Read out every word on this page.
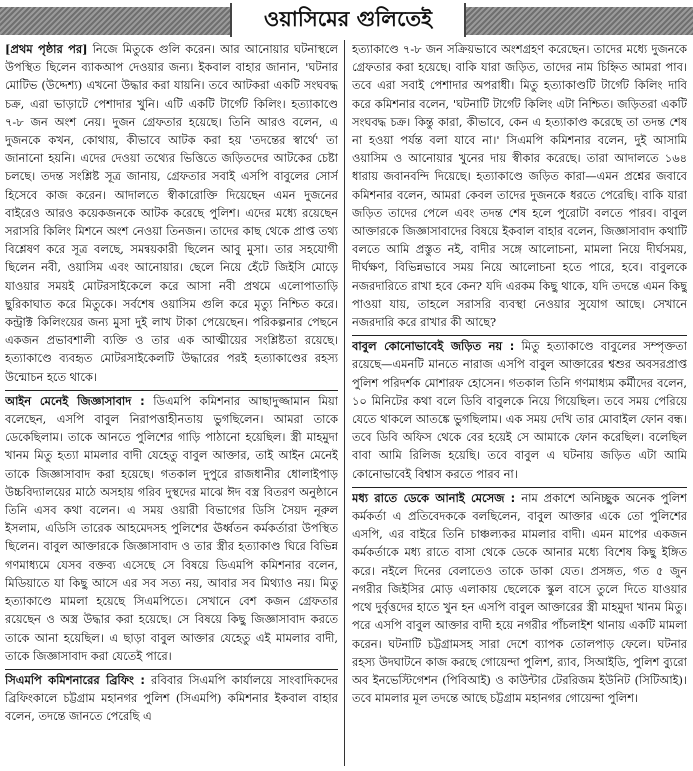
ওয়াসিমের গুলিতেই

[প্রথম পৃষ্ঠার পর] নিজে মিতুকে গুলি করেন। আর আনোয়ার ঘটনাস্থলে উপস্থিত ছিলেন ব্যাকআপ দেওয়ার জন্য। ইকবাল বাহার জানান, 'ঘটনার মোটিভ (উদ্দেশ্য) এখনো উদ্ধার করা যায়নি। তবে আটকরা একটি সংঘবদ্ধ চক্র, এরা ভাড়াটে পেশাদার খুনি। এটি একটি টার্গেট কিলিং। হত্যাকাণ্ডে ৭-৮ জন অংশ নেয়। দুজন গ্রেফতার হয়েছে। তিনি আরও বলেন, এ দুজনকে কখন, কোথায়, কীভাবে আটক করা হয় 'তদন্তের স্বার্থে' তা জানানো হয়নি। এদের দেওয়া তথ্যের ভিত্তিতে জড়িতদের আটকের চেষ্টা চলছে। তদন্ত সংশ্লিষ্ট সূত্র জানায়, গ্রেফতার সবাই এসপি বাবুলের সোর্স হিসেবে কাজ করেন। আদালতে স্বীকারোক্তি দিয়েছেন এমন দুজনের বাইরেও আরও কয়েকজনকে আটক করেছে পুলিশ। এদের মধ্যে রয়েছেন সরাসরি কিলিং মিশনে অংশ নেওয়া তিনজন। তাদের কাছ থেকে প্রাপ্ত তথ্য বিশ্লেষণ করে সূত্র বলছে, সমন্বয়কারী ছিলেন আবু মুসা। তার সহযোগী ছিলেন নবী, ওয়াসিম এবং আনোয়ার। ছেলে নিয়ে হেঁটে জিইসি মোড়ে যাওয়ার সময়ই মোটরসাইকেলে করে আসা নবী প্রথমে এলোপাতাড়ি ছুরিকাঘাত করে মিতুকে। সর্বশেষ ওয়াসিম গুলি করে মৃত্যু নিশ্চিত করে। কন্ট্রাক্ট কিলিংয়ের জন্য মুসা দুই লাখ টাকা পেয়েছেন। পরিকল্পনার পেছনে একজন প্রভাবশালী ব্যক্তি ও তার এক আত্মীয়ের সংশ্লিষ্টতা রয়েছে। হত্যাকাণ্ডে ব্যবহৃত মোটরসাইকেলটি উদ্ধারের পরই হত্যাকাণ্ডের রহস্য উন্মোচন হতে থাকে।

আইন মেনেই জিজ্ঞাসাবাদ : ডিএমপি কমিশনার আছাদুজ্জামান মিয়া বলেছেন, এসপি বাবুল নিরাপত্তাহীনতায় ভুগছিলেন। আমরা তাকে ডেকেছিলাম। তাকে আনতে পুলিশের গাড়ি পাঠানো হয়েছিল। স্ত্রী মাহমুদা খানম মিতু হত্যা মামলার বাদী যেহেতু বাবুল আক্তার, তাই আইন মেনেই তাকে জিজ্ঞাসাবাদ করা হয়েছে। গতকাল দুপুরে রাজধানীর ধোলাইপাড় উচ্চবিদ্যালয়ের মাঠে অসহায় গরিব দুস্থদের মাঝে ঈদ বস্ত্র বিতরণ অনুষ্ঠানে তিনি এসব কথা বলেন। এ সময় ওয়ারী বিভাগের ডিসি সৈয়দ নূরুল ইসলাম, এডিসি তারেক আহমেদসহ পুলিশের ঊর্ধ্বতন কর্মকর্তারা উপস্থিত ছিলেন। বাবুল আক্তারকে জিজ্ঞাসাবাদ ও তার স্ত্রীর হত্যাকাণ্ড ঘিরে বিভিন্ন গণমাধ্যমে যেসব বক্তব্য এসেছে সে বিষয়ে ডিএমপি কমিশনার বলেন, মিডিয়াতে যা কিছু আসে এর সব সত্য নয়, আবার সব মিথ্যাও নয়। মিতু হত্যাকাণ্ডে মামলা হয়েছে সিএমপিতে। সেখানে বেশ কজন গ্রেফতার রয়েছেন ও অস্ত্র উদ্ধার করা হয়েছে। সে বিষয়ে কিছু জিজ্ঞাসাবাদ করতে তাকে আনা হয়েছিল। এ ছাড়া বাবুল আক্তার যেহেতু এই মামলার বাদী, তাকে জিজ্ঞাসাবাদ করা যেতেই পারে।

সিএমপি কমিশনারের ব্রিফিং : রবিবার সিএমপি কার্যালয়ে সাংবাদিকদের ব্রিফিংকালে চট্টগ্রাম মহানগর পুলিশ (সিএমপি) কমিশনার ইকবাল বাহার বলেন, তদন্তে জানতে পেরেছি এ

হত্যাকাণ্ডে ৭-৮ জন সক্রিয়ভাবে অংশগ্রহণ করেছেন। তাদের মধ্যে দুজনকে গ্রেফতার করা হয়েছে। বাকি যারা জড়িত, তাদের নাম চিহ্নিত আমরা পাব। তবে এরা সবাই পেশাদার অপরাধী। মিতু হত্যাকাণ্ডটি টার্গেট কিলিং দাবি করে কমিশনার বলেন, 'ঘটনাটি টার্গেট কিলিং এটা নিশ্চিত। জড়িতরা একটি সংঘবদ্ধ চক্র। কিন্তু কারা, কীভাবে, কেন এ হত্যাকাণ্ড করেছে তা তদন্ত শেষ না হওয়া পর্যন্ত বলা যাবে না।' সিএমপি কমিশনার বলেন, দুই আসামি ওয়াসিম ও আনোয়ার খুনের দায় স্বীকার করেছে। তারা আদালতে ১৬৪ ধারায় জবানবন্দি দিয়েছে। হত্যাকাণ্ডে জড়িত কারা—এমন প্রশ্নের জবাবে কমিশনার বলেন, আমরা কেবল তাদের দুজনকে ধরতে পেরেছি। বাকি যারা জড়িত তাদের পেলে এবং তদন্ত শেষ হলে পুরোটা বলতে পারব। বাবুল আক্তারকে জিজ্ঞাসাবাদের বিষয়ে ইকবাল বাহার বলেন, জিজ্ঞাসাবাদ কথাটি বলতে আমি প্রস্তুত নই, বাদীর সঙ্গে আলোচনা, মামলা নিয়ে দীর্ঘসময়, দীর্ঘক্ষণ, বিভিন্নভাবে সময় নিয়ে আলোচনা হতে পারে, হবে। বাবুলকে নজরদারিতে রাখা হবে কেন? যদি এরকম কিছু থাকে, যদি তদন্তে এমন কিছু পাওয়া যায়, তাহলে সরাসরি ব্যবস্থা নেওয়ার সুযোগ আছে। সেখানে নজরদারি করে রাখার কী আছে?

বাবুল কোনোভাবেই জড়িত নয় : মিতু হত্যাকাণ্ডে বাবুলের সম্পৃক্ততা রয়েছে—এমনটি মানতে নারাজ এসপি বাবুল আক্তারের শ্বশুর অবসরপ্রাপ্ত পুলিশ পরিদর্শক মোশারফ হোসেন। গতকাল তিনি গণমাধ্যম কর্মীদের বলেন, ১০ মিনিটের কথা বলে ডিবি বাবুলকে নিয়ে গিয়েছিল। তবে সময় পেরিয়ে যেতে থাকলে আতঙ্কে ভুগছিলাম। এক সময় দেখি তার মোবাইল ফোন বন্ধ। তবে ডিবি অফিস থেকে বের হয়েই সে আমাকে ফোন করেছিল। বলেছিল বাবা আমি রিলিজ হয়েছি। তবে বাবুল এ ঘটনায় জড়িত এটা আমি কোনোভাবেই বিশ্বাস করতে পারব না।

মধ্য রাতে ডেকে আনাই মেসেজ : নাম প্রকাশে অনিচ্ছুক অনেক পুলিশ কর্মকর্তা এ প্রতিবেদককে বলছিলেন, বাবুল আক্তার একে তো পুলিশের এসপি, এর বাইরে তিনি চাঞ্চল্যকর মামলার বাদী। এমন মাপের একজন কর্মকর্তাকে মধ্য রাতে বাসা থেকে ডেকে আনার মধ্যে বিশেষ কিছু ইঙ্গিত করে। নইলে দিনের বেলাতেও তাকে ডাকা যেত। প্রসঙ্গত, গত ৫ জুন নগরীর জিইসির মোড় এলাকায় ছেলেকে স্কুল বাসে তুলে দিতে যাওয়ার পথে দুর্বৃত্তদের হাতে খুন হন এসপি বাবুল আক্তারের স্ত্রী মাহমুদা খানম মিতু। পরে এসপি বাবুল আক্তার বাদী হয়ে নগরীর পাঁচলাইশ থানায় একটি মামলা করেন। ঘটনাটি চট্টগ্রামসহ সারা দেশে ব্যাপক তোলপাড় ফেলে। ঘটনার রহস্য উদঘাটনে কাজ করছে গোয়েন্দা পুলিশ, র‌্যাব, সিআইডি, পুলিশ ব্যুরো অব ইনভেস্টিগেশন (পিবিআই) ও কাউন্টার টেররিজম ইউনিট (সিটিআই)। তবে মামলার মূল তদন্তে আছে চট্টগ্রাম মহানগর গোয়েন্দা পুলিশ।
